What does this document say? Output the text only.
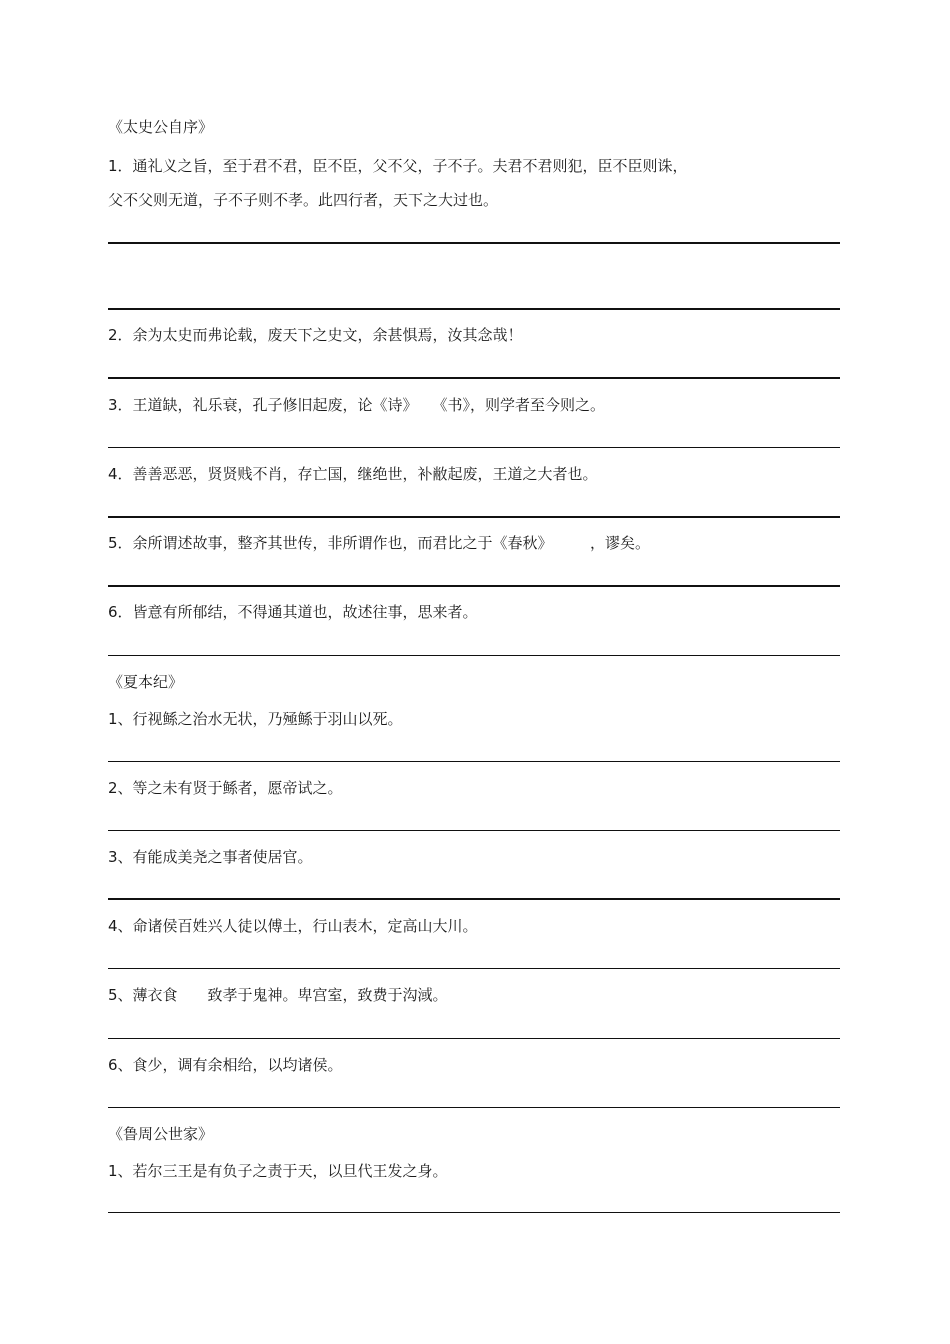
《太史公自序》
1．通礼义之旨，至于君不君，臣不臣，父不父，子不子。夫君不君则犯，臣不臣则诛，
父不父则无道，子不子则不孝。此四行者，天下之大过也。
2．余为太史而弗论载，废天下之史文，余甚惧焉，汝其念哉！
3．王道缺，礼乐衰，孔子修旧起废，论《诗》　　《书》，则学者至今则之。
4．善善恶恶，贤贤贱不肖，存亡国，继绝世，补敝起废，王道之大者也。
5．余所谓述故事，整齐其世传，非所谓作也，而君比之于《春秋》　　　，谬矣。
6．皆意有所郁结，不得通其道也，故述往事，思来者。
《夏本纪》
1、行视鲧之治水无状，乃殛鲧于羽山以死。
2、等之未有贤于鲧者，愿帝试之。
3、有能成美尧之事者使居官。
4、命诸侯百姓兴人徒以傅土，行山表木，定高山大川。
5、薄衣食　　致孝于鬼神。卑宫室，致费于沟淢。
6、食少，调有余相给，以均诸侯。
《鲁周公世家》
1、若尔三王是有负子之责于天，以旦代王发之身。
